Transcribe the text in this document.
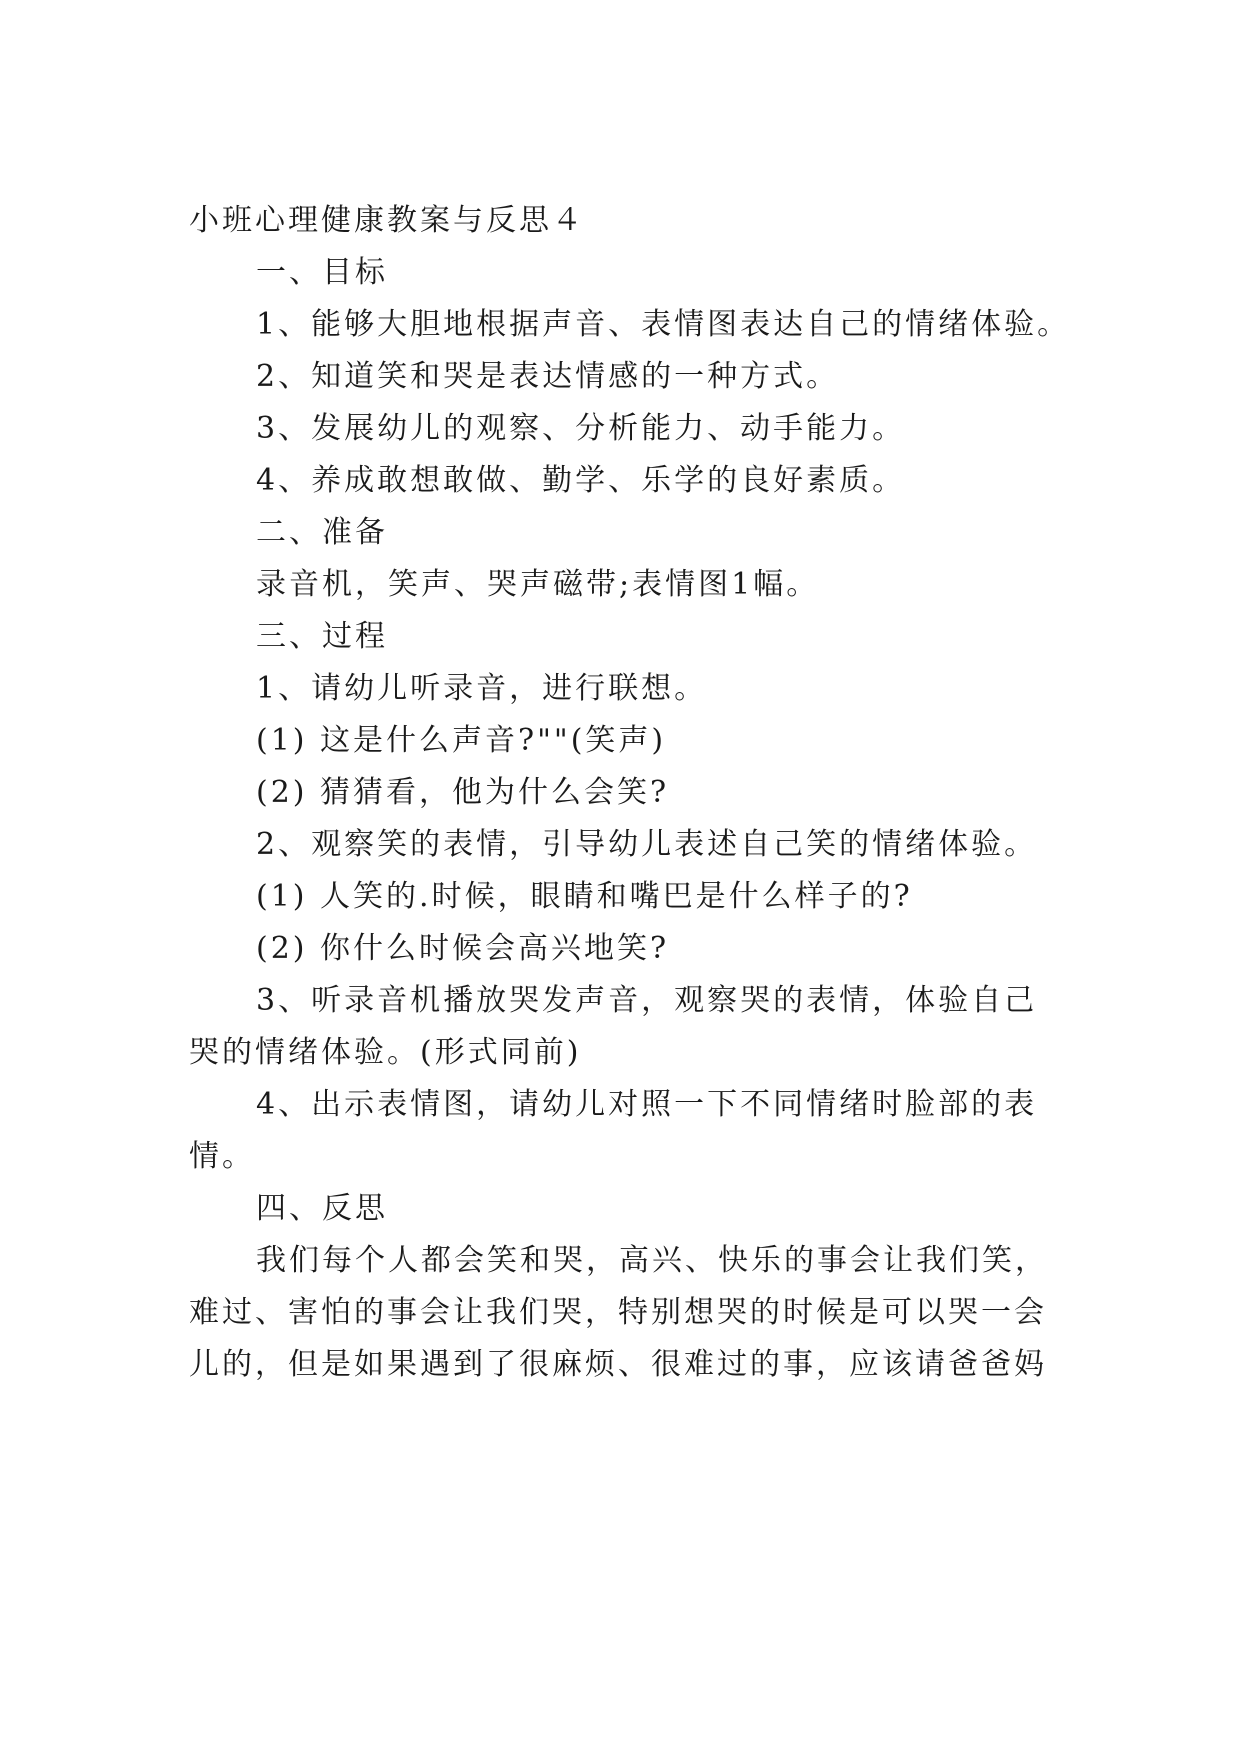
小班心理健康教案与反思４
一、目标
1、能够大胆地根据声音、表情图表达自己的情绪体验。
2、知道笑和哭是表达情感的一种方式。
3、发展幼儿的观察、分析能力、动手能力。
4、养成敢想敢做、勤学、乐学的良好素质。
二、准备
录音机，笑声、哭声磁带;表情图1幅。
三、过程
1、请幼儿听录音，进行联想。
(1) 这是什么声音?""(笑声)
(2) 猜猜看，他为什么会笑?
2、观察笑的表情，引导幼儿表述自己笑的情绪体验。
(1) 人笑的.时候，眼睛和嘴巴是什么样子的?
(2) 你什么时候会高兴地笑?
3、听录音机播放哭发声音，观察哭的表情，体验自己
哭的情绪体验。(形式同前)
4、出示表情图，请幼儿对照一下不同情绪时脸部的表
情。
四、反思
我们每个人都会笑和哭，高兴、快乐的事会让我们笑，
难过、害怕的事会让我们哭，特别想哭的时候是可以哭一会
儿的，但是如果遇到了很麻烦、很难过的事，应该请爸爸妈
